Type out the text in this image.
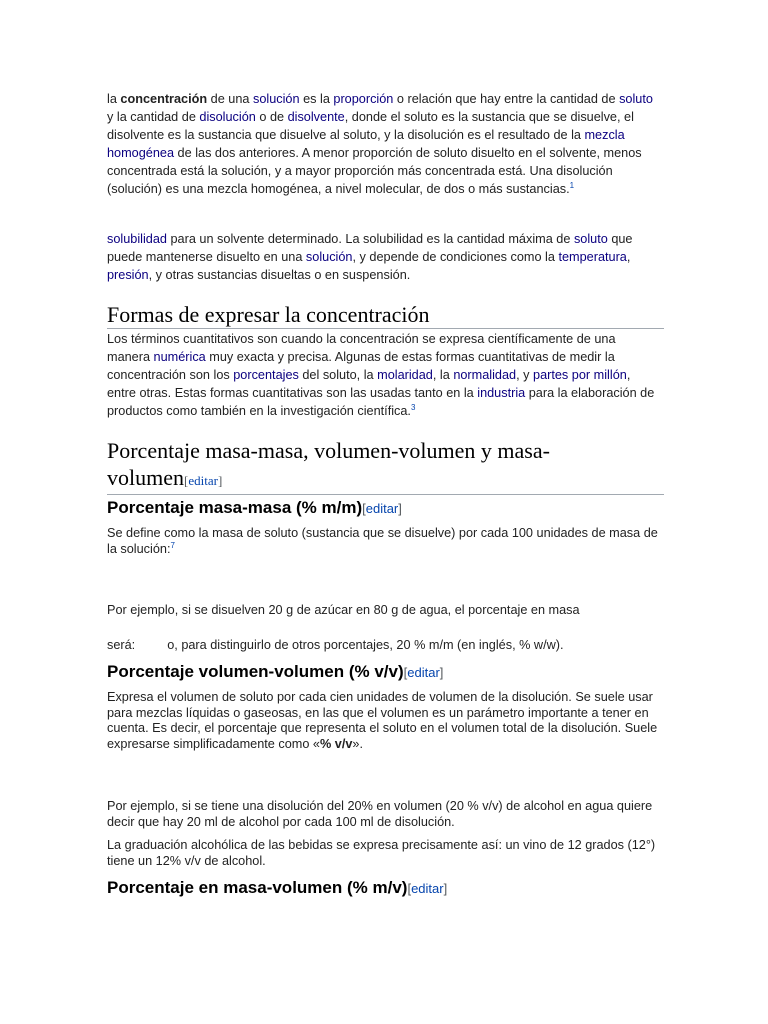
la concentración de una solución es la proporción o relación que hay entre la cantidad de soluto y la cantidad de disolución o de disolvente, donde el soluto es la sustancia que se disuelve, el disolvente es la sustancia que disuelve al soluto, y la disolución es el resultado de la mezcla homogénea de las dos anteriores. A menor proporción de soluto disuelto en el solvente, menos concentrada está la solución, y a mayor proporción más concentrada está. Una disolución (solución) es una mezcla homogénea, a nivel molecular, de dos o más sustancias.$^1$

solubilidad para un solvente determinado. La solubilidad es la cantidad máxima de soluto que puede mantenerse disuelto en una solución, y depende de condiciones como la temperatura, presión, y otras sustancias disueltas o en suspensión.

Formas de expresar la concentración

Los términos cuantitativos son cuando la concentración se expresa científicamente de una manera numérica muy exacta y precisa. Algunas de estas formas cuantitativas de medir la concentración son los porcentajes del soluto, la molaridad, la normalidad, y partes por millón, entre otras. Estas formas cuantitativas son las usadas tanto en la industria para la elaboración de productos como también en la investigación científica.$^3$

Porcentaje masa-masa, volumen-volumen y masa-volumen[editar]
Porcentaje masa-masa (% m/m)[editar]

Se define como la masa de soluto (sustancia que se disuelve) por cada 100 unidades de masa de la solución:$^7$

Por ejemplo, si se disuelven 20 g de azúcar en 80 g de agua, el porcentaje en masa

será:	o, para distinguirlo de otros porcentajes, 20 % m/m (en inglés, % w/w).

Porcentaje volumen-volumen (% v/v)[editar]

Expresa el volumen de soluto por cada cien unidades de volumen de la disolución. Se suele usar para mezclas líquidas o gaseosas, en las que el volumen es un parámetro importante a tener en cuenta. Es decir, el porcentaje que representa el soluto en el volumen total de la disolución. Suele expresarse simplificadamente como «% v/v».

Por ejemplo, si se tiene una disolución del 20% en volumen (20 % v/v) de alcohol en agua quiere decir que hay 20 ml de alcohol por cada 100 ml de disolución.

La graduación alcohólica de las bebidas se expresa precisamente así: un vino de 12 grados (12°) tiene un 12% v/v de alcohol.

Porcentaje en masa-volumen (% m/v)[editar]
